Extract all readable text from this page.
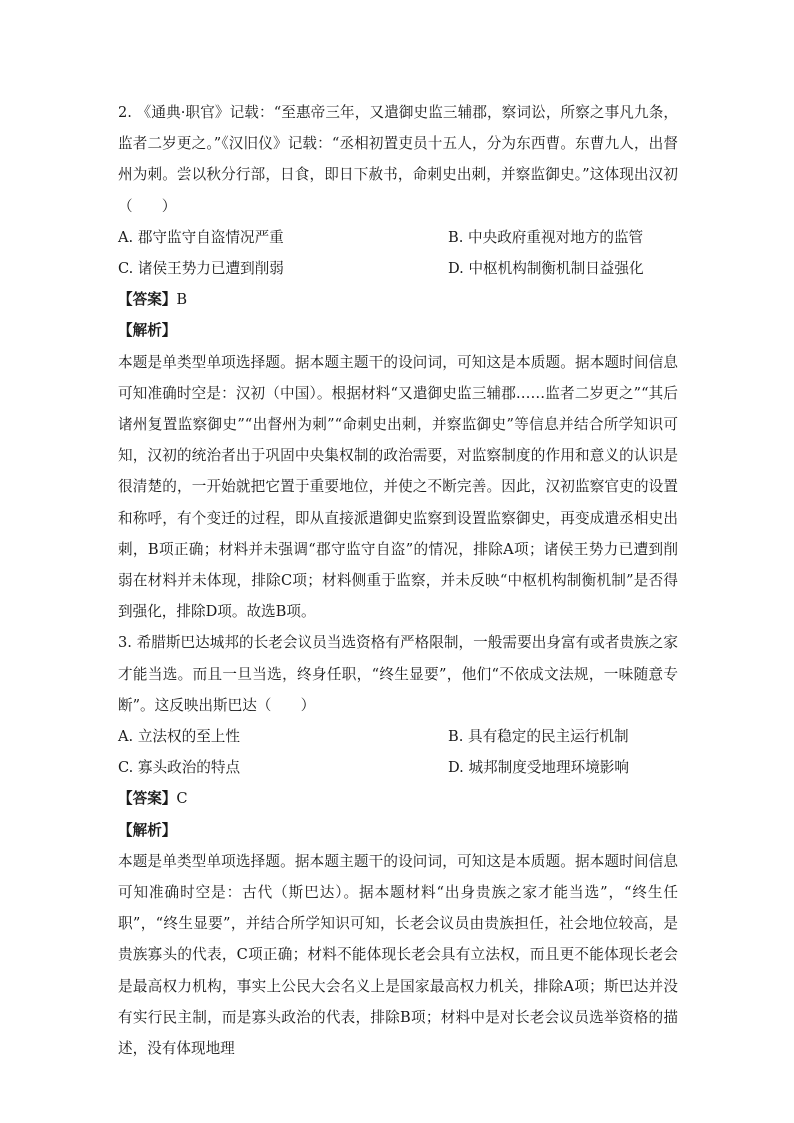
2. 《通典·职官》记载：“至惠帝三年，又遣御史监三辅郡，察词讼，所察之事凡九条，监者二岁更之。”《汉旧仪》记载：“丞相初置吏员十五人，分为东西曹。东曹九人，出督州为刺。尝以秋分行部，日食，即日下赦书，命刺史出刺，并察监御史。”这体现出汉初（　　）

A. 郡守监守自盗情况严重	B. 中央政府重视对地方的监管
C. 诸侯王势力已遭到削弱	D. 中枢机构制衡机制日益强化

【答案】B

【解析】

本题是单类型单项选择题。据本题主题干的设问词，可知这是本质题。据本题时间信息可知准确时空是：汉初（中国）。根据材料“又遣御史监三辅郡……监者二岁更之”“其后诸州复置监察御史”“出督州为刺”“命刺史出刺，并察监御史”等信息并结合所学知识可知，汉初的统治者出于巩固中央集权制的政治需要，对监察制度的作用和意义的认识是很清楚的，一开始就把它置于重要地位，并使之不断完善。因此，汉初监察官吏的设置和称呼，有个变迁的过程，即从直接派遣御史监察到设置监察御史，再变成遣丞相史出刺，B项正确；材料并未强调“郡守监守自盗”的情况，排除A项；诸侯王势力已遭到削弱在材料并未体现，排除C项；材料侧重于监察，并未反映“中枢机构制衡机制”是否得到强化，排除D项。故选B项。

3. 希腊斯巴达城邦的长老会议员当选资格有严格限制，一般需要出身富有或者贵族之家才能当选。而且一旦当选，终身任职，“终生显要”，他们“不依成文法规，一味随意专断”。这反映出斯巴达（　　）

A. 立法权的至上性	B. 具有稳定的民主运行机制
C. 寡头政治的特点	D. 城邦制度受地理环境影响

【答案】C

【解析】

本题是单类型单项选择题。据本题主题干的设问词，可知这是本质题。据本题时间信息可知准确时空是：古代（斯巴达）。据本题材料“出身贵族之家才能当选”，“终生任职”，“终生显要”，并结合所学知识可知，长老会议员由贵族担任，社会地位较高，是贵族寡头的代表，C项正确；材料不能体现长老会具有立法权，而且更不能体现长老会是最高权力机构，事实上公民大会名义上是国家最高权力机关，排除A项；斯巴达并没有实行民主制，而是寡头政治的代表，排除B项；材料中是对长老会议员选举资格的描述，没有体现地理
